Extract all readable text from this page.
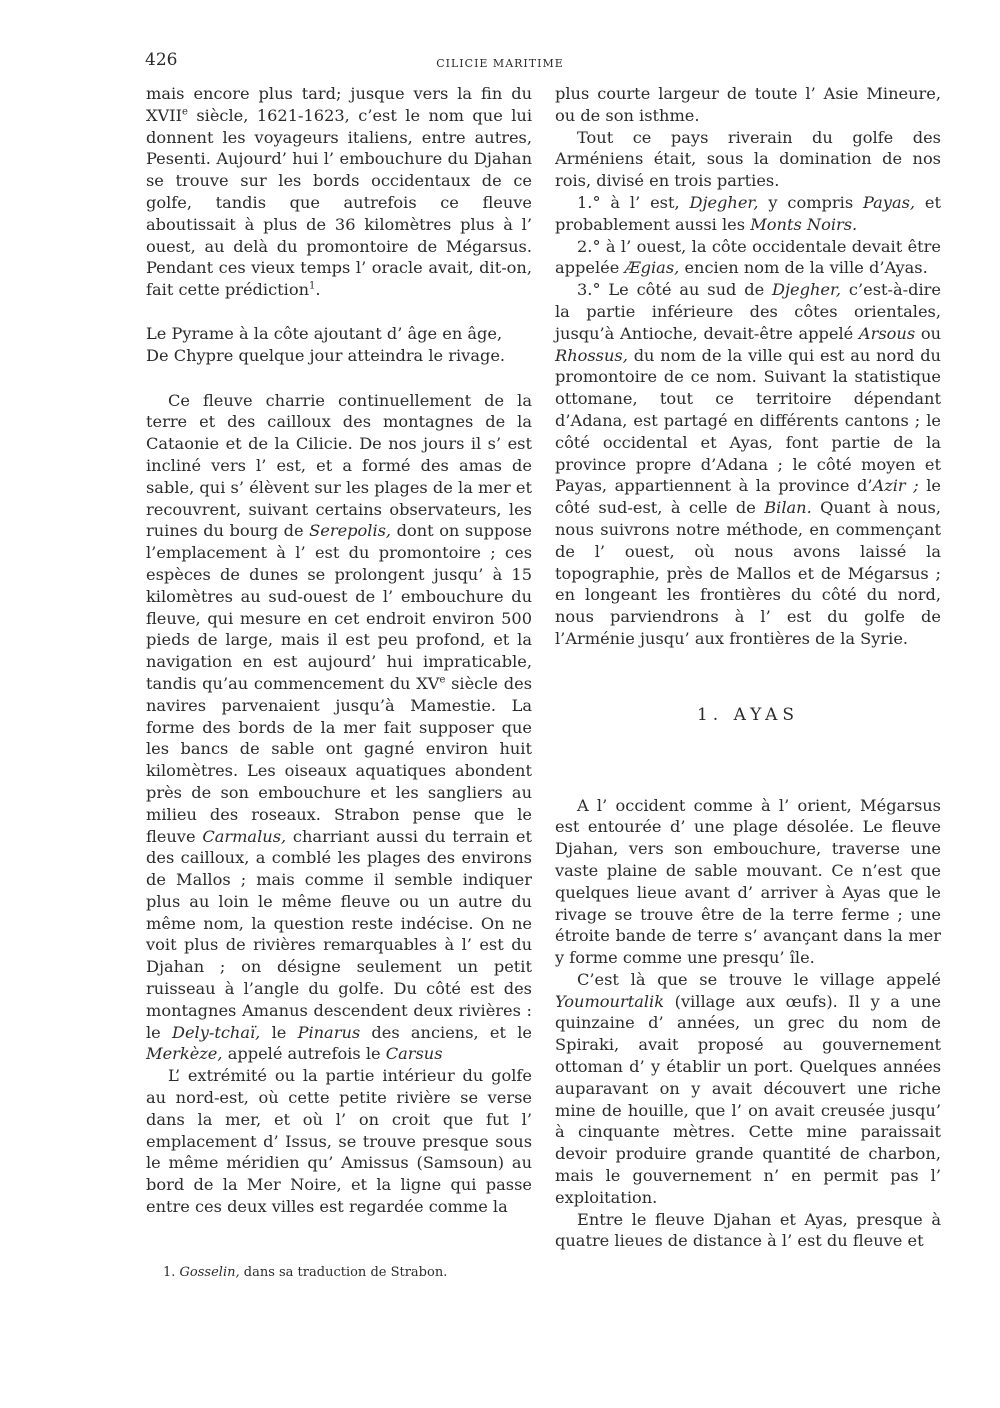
426	CILICIE MARITIME

mais encore plus tard; jusque vers la fin du XVIIe siècle, 1621-1623, c’est le nom que lui donnent les voyageurs italiens, entre autres, Pesenti. Aujourd’ hui l’ embouchure du Djahan se trouve sur les bords occidentaux de ce golfe, tandis que autrefois ce fleuve aboutissait à plus de 36 kilomètres plus à l’ ouest, au delà du promontoire de Mégarsus. Pendant ces vieux temps l’ oracle avait, dit-on, fait cette prédiction$^1$.

Le Pyrame à la côte ajoutant d’ âge en âge,
De Chypre quelque jour atteindra le rivage.

Ce fleuve charrie continuellement de la terre et des cailloux des montagnes de la Cataonie et de la Cilicie. De nos jours il s’ est incliné vers l’ est, et a formé des amas de sable, qui s’ élèvent sur les plages de la mer et recouvrent, suivant certains observateurs, les ruines du bourg de Serepolis, dont on suppose l’emplacement à l’ est du promontoire ; ces espèces de dunes se prolongent jusqu’ à 15 kilomètres au sud-ouest de l’ embouchure du fleuve, qui mesure en cet endroit environ 500 pieds de large, mais il est peu profond, et la navigation en est aujourd’ hui impraticable, tandis qu’au commencement du XVe siècle des navires parvenaient jusqu’à Mamestie. La forme des bords de la mer fait supposer que les bancs de sable ont gagné environ huit kilomètres. Les oiseaux aquatiques abondent près de son embouchure et les sangliers au milieu des roseaux. Strabon pense que le fleuve Carmalus, charriant aussi du terrain et des cailloux, a comblé les plages des environs de Mallos ; mais comme il semble indiquer plus au loin le même fleuve ou un autre du même nom, la question reste indécise. On ne voit plus de rivières remarquables à l’ est du Djahan ; on désigne seulement un petit ruisseau à l’angle du golfe. Du côté est des montagnes Amanus descendent deux rivières : le Dely-tchaï, le Pinarus des anciens, et le Merkèze, appelé autrefois le Carsus

L’ extrémité ou la partie intérieur du golfe au nord-est, où cette petite rivière se verse dans la mer, et où l’ on croit que fut l’ emplacement d’ Issus, se trouve presque sous le même méridien qu’ Amissus (Samsoun) au bord de la Mer Noire, et la ligne qui passe entre ces deux villes est regardée comme la

plus courte largeur de toute l’ Asie Mineure, ou de son isthme.

Tout ce pays riverain du golfe des Arméniens était, sous la domination de nos rois, divisé en trois parties.

1.° à l’ est, Djegher, y compris Payas, et probablement aussi les Monts Noirs.

2.° à l’ ouest, la côte occidentale devait être appelée Ægias, encien nom de la ville d’Ayas.

3.° Le côté au sud de Djegher, c’est-à-dire la partie inférieure des côtes orientales, jusqu’à Antioche, devait-être appelé Arsous ou Rhossus, du nom de la ville qui est au nord du promontoire de ce nom. Suivant la statistique ottomane, tout ce territoire dépendant d’Adana, est partagé en différents cantons ; le côté occidental et Ayas, font partie de la province propre d’Adana ; le côté moyen et Payas, appartiennent à la province d’Azir ; le côté sud-est, à celle de Bilan. Quant à nous, nous suivrons notre méthode, en commençant de l’ ouest, où nous avons laissé la topographie, près de Mallos et de Mégarsus ; en longeant les frontières du côté du nord, nous parviendrons à l’ est du golfe de l’Arménie jusqu’ aux frontières de la Syrie.

1. AYAS

A l’ occident comme à l’ orient, Mégarsus est entourée d’ une plage désolée. Le fleuve Djahan, vers son embouchure, traverse une vaste plaine de sable mouvant. Ce n’est que quelques lieue avant d’ arriver à Ayas que le rivage se trouve être de la terre ferme ; une étroite bande de terre s’ avançant dans la mer y forme comme une presqu’ île.

C’est là que se trouve le village appelé Youmourtalik (village aux œufs). Il y a une quinzaine d’ années, un grec du nom de Spiraki, avait proposé au gouvernement ottoman d’ y établir un port. Quelques années auparavant on y avait découvert une riche mine de houille, que l’ on avait creusée jusqu’ à cinquante mètres. Cette mine paraissait devoir produire grande quantité de charbon, mais le gouvernement n’ en permit pas l’ exploitation.

Entre le fleuve Djahan et Ayas, presque à quatre lieues de distance à l’ est du fleuve et

1. Gosselin, dans sa traduction de Strabon.
